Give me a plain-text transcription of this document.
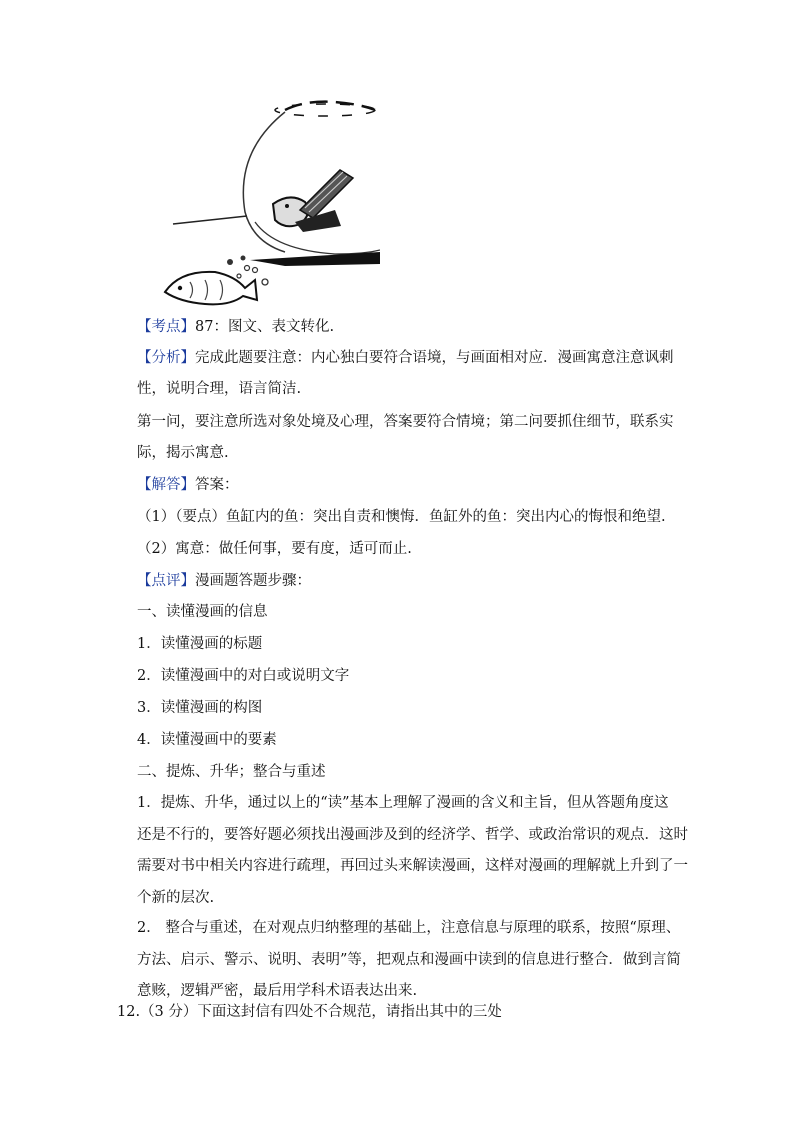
【考点】87：图文、表文转化.
【分析】完成此题要注意：内心独白要符合语境，与画面相对应．漫画寓意注意讽刺
性，说明合理，语言简洁.
第一问，要注意所选对象处境及心理，答案要符合情境；第二问要抓住细节，联系实
际，揭示寓意.
【解答】答案：
（1）（要点）鱼缸内的鱼：突出自责和懊悔．鱼缸外的鱼：突出内心的悔恨和绝望.
（2）寓意：做任何事，要有度，适可而止.
【点评】漫画题答题步骤：
一、读懂漫画的信息
1．读懂漫画的标题
2．读懂漫画中的对白或说明文字
3．读懂漫画的构图
4．读懂漫画中的要素
二、提炼、升华；整合与重述
1．提炼、升华，通过以上的“读”基本上理解了漫画的含义和主旨，但从答题角度这
还是不行的，要答好题必须找出漫画涉及到的经济学、哲学、或政治常识的观点．这时
需要对书中相关内容进行疏理，再回过头来解读漫画，这样对漫画的理解就上升到了一
个新的层次.
2． 整合与重述，在对观点归纳整理的基础上，注意信息与原理的联系，按照“原理、
方法、启示、警示、说明、表明”等，把观点和漫画中读到的信息进行整合．做到言简
意赅，逻辑严密，最后用学科术语表达出来.
12.（3 分）下面这封信有四处不合规范，请指出其中的三处
